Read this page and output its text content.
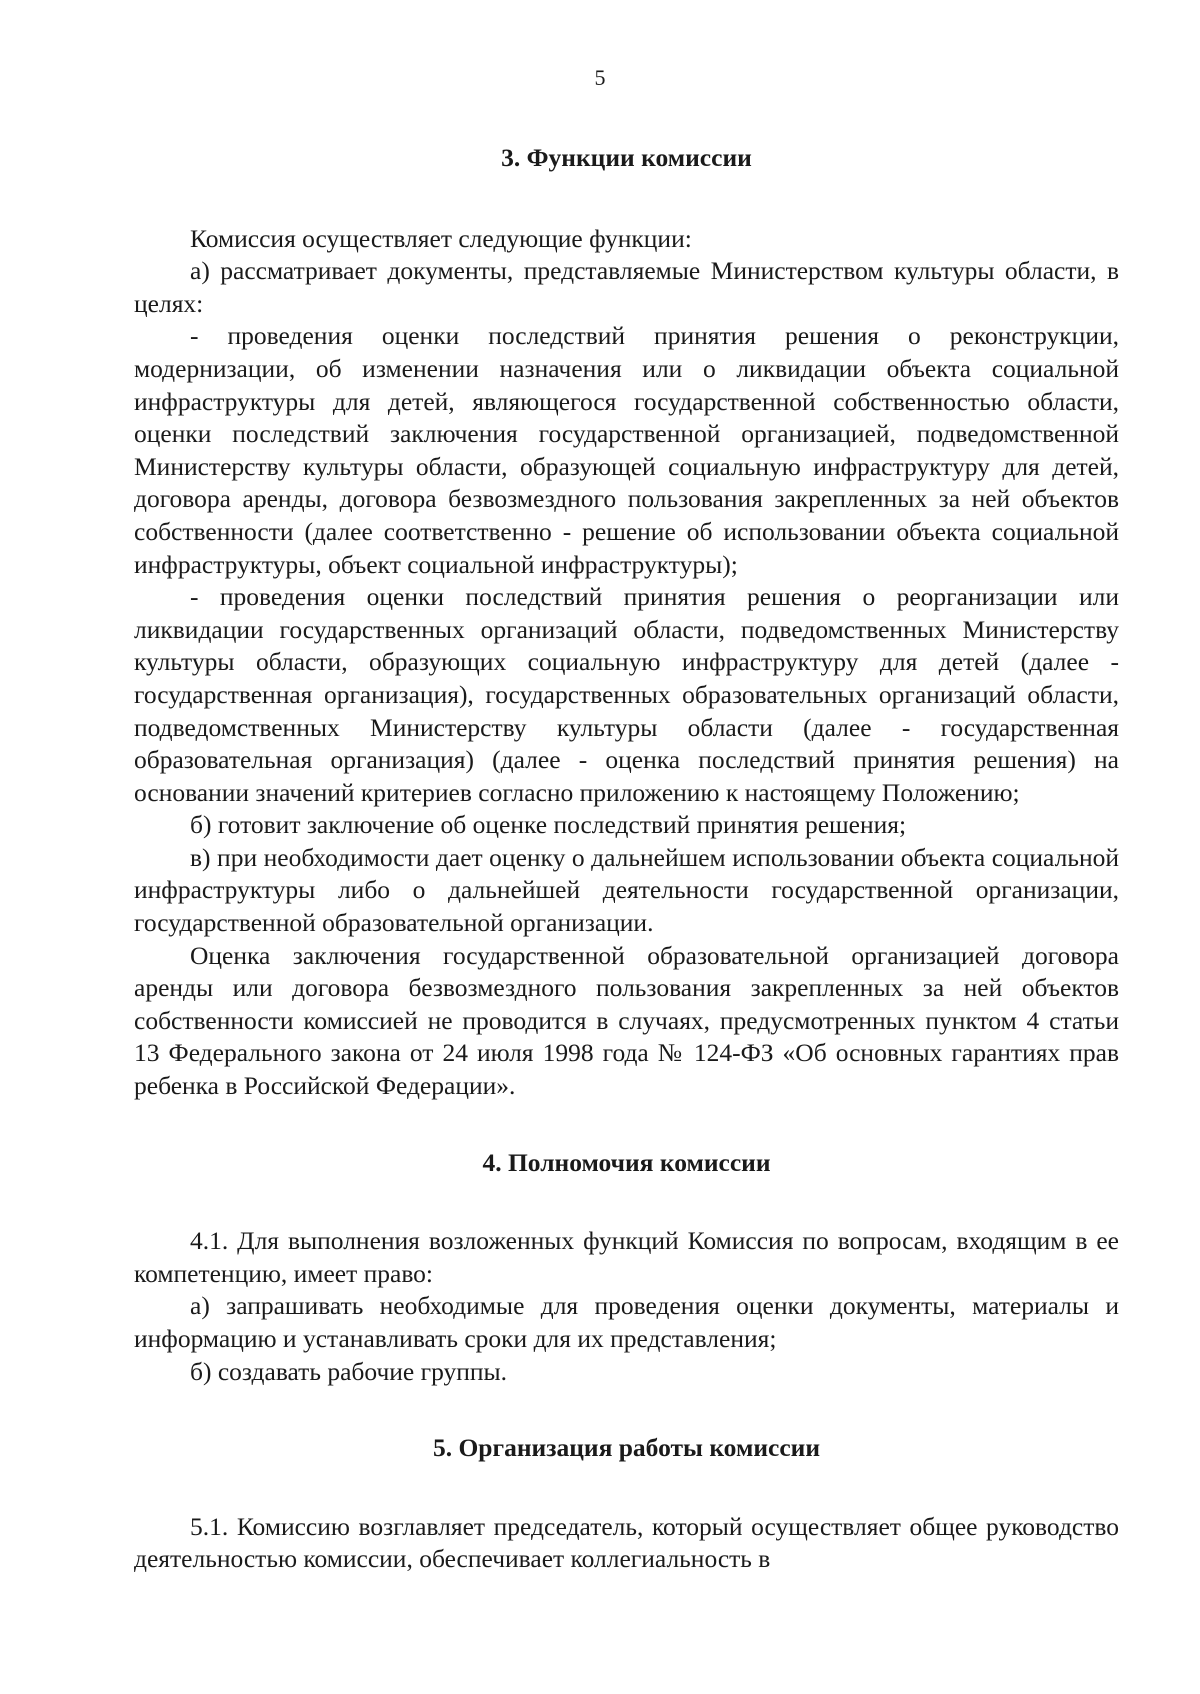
5
3. Функции комиссии

Комиссия осуществляет следующие функции:

а) рассматривает документы, представляемые Министерством культуры области, в целях:

- проведения оценки последствий принятия решения о реконструкции, модернизации, об изменении назначения или о ликвидации объекта социальной инфраструктуры для детей, являющегося государственной собственностью области, оценки последствий заключения государственной организацией, подведомственной Министерству культуры области, образующей социальную инфраструктуру для детей, договора аренды, договора безвозмездного пользования закрепленных за ней объектов собственности (далее соответственно - решение об использовании объекта социальной инфраструктуры, объект социальной инфраструктуры);

- проведения оценки последствий принятия решения о реорганизации или ликвидации государственных организаций области, подведомственных Министерству культуры области, образующих социальную инфраструктуру для детей (далее - государственная организация), государственных образовательных организаций области, подведомственных Министерству культуры области (далее - государственная образовательная организация) (далее - оценка последствий принятия решения) на основании значений критериев согласно приложению к настоящему Положению;

б) готовит заключение об оценке последствий принятия решения;

в) при необходимости дает оценку о дальнейшем использовании объекта социальной инфраструктуры либо о дальнейшей деятельности государственной организации, государственной образовательной организации.

Оценка заключения государственной образовательной организацией договора аренды или договора безвозмездного пользования закрепленных за ней объектов собственности комиссией не проводится в случаях, предусмотренных пунктом 4 статьи 13 Федерального закона от 24 июля 1998 года № 124-ФЗ «Об основных гарантиях прав ребенка в Российской Федерации».

4. Полномочия комиссии

4.1. Для выполнения возложенных функций Комиссия по вопросам, входящим в ее компетенцию, имеет право:

а) запрашивать необходимые для проведения оценки документы, материалы и информацию и устанавливать сроки для их представления;

б) создавать рабочие группы.

5. Организация работы комиссии

5.1. Комиссию возглавляет председатель, который осуществляет общее руководство деятельностью комиссии, обеспечивает коллегиальность в
